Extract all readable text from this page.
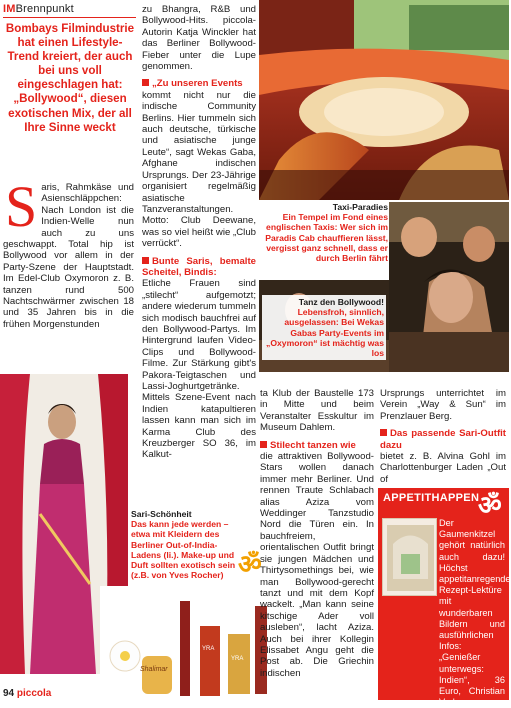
IMBrennpunkt
Bombays Filmindustrie hat einen Lifestyle-Trend kreiert, der auch bei uns voll eingeschlagen hat: „Bollywood“, diesen exotischen Mix, der all Ihre Sinne weckt
S aris, Rahmkäse und Asienschläppchen: Nach London ist die Indien-Welle nun auch zu uns geschwappt. Total hip ist Bollywood vor allem in der Party-Szene der Hauptstadt. Im Edel-Club Oxymoron z. B. tanzen rund 500 Nachtschwärmer zwischen 18 und 35 Jahren bis in die frühen Morgenstunden
Taxi-Paradies
Ein Tempel im Fond eines englischen Taxis: Wer sich im Paradis Cab chauffieren lässt, vergisst ganz schnell, dass er durch Berlin fährt
Tanz den Bollywood!
Lebensfroh, sinnlich, ausgelassen: Bei Wekas Gabas Party-Events im „Oxymoron“ ist mächtig was los

zu Bhangra, R&B und Bollywood-Hits. piccola-Autorin Katja Winckler hat das Berliner Bollywood-Fieber unter die Lupe genommen.

„Zu unseren Events

kommt nicht nur die indische Community Berlins. Hier tummeln sich auch deutsche, türkische und asiatische junge Leute“, sagt Wekas Gaba, Afghane indischen Ursprungs. Der 23-Jährige organisiert regelmäßig asiatische Tanzveranstaltungen.

Motto: Club Deewane, was so viel heißt wie „Club verrückt“.

Bunte Saris, bemalte Scheitel, Bindis:

Etliche Frauen sind „stilecht“ aufgemotzt; andere wiederum tummeln sich modisch bauchfrei auf den Bollywood-Partys. Im Hintergrund laufen Video-Clips und Bollywood-Filme. Zur Stärkung gibt's Pakora-Teigtaschen und Lassi-Joghurtgetränke. Mittels Szene-Event nach Indien katapultieren lassen kann man sich im Karma Club des Kreuzberger SO 36, im Kalkut-

Sari-Schönheit
Das kann jede werden – etwa mit Kleidern des Berliner Out-of-India-Ladens (li.). Make-up und Duft sollten exotisch sein (z.B. von Yves Rocher) ॐ
Shalimar
YRA
YRA

ta Klub der Baustelle 173 in Mitte und beim Veranstalter Esskultur im Museum Dahlem.

Stilecht tanzen wie

die attraktiven Bollywood-Stars wollen danach immer mehr Berliner. Und rennen Traute Schlabach alias Aziza vom Weddinger Tanzstudio Nord die Türen ein. In bauchfreiem, orientalischen Outfit bringt sie jungen Mädchen und Thirtysomethings bei, wie man Bollywood-gerecht tanzt und mit dem Kopf wackelt. „Man kann seine kitschige Ader voll ausleben“, lacht Aziza. Auch bei ihrer Kollegin Elissabet Angu geht die Post ab. Die Griechin indischen

Ursprungs unterrichtet im Verein „Way & Sun“ im Prenzlauer Berg.

Das passende Sari-Outfit dazu

bietet z. B. Alvina Gohl im Charlottenburger Laden „Out of

APPETITHAPPEN
ॐ
Der Gaumenkitzel gehört natürlich auch dazu! Höchst appetitanregende Rezept-Lektüre mit wunderbaren Bildern und ausführlichen Infos: „Genießer unterwegs: Indien“, 36 Euro, Christian Verlag
94 piccola
